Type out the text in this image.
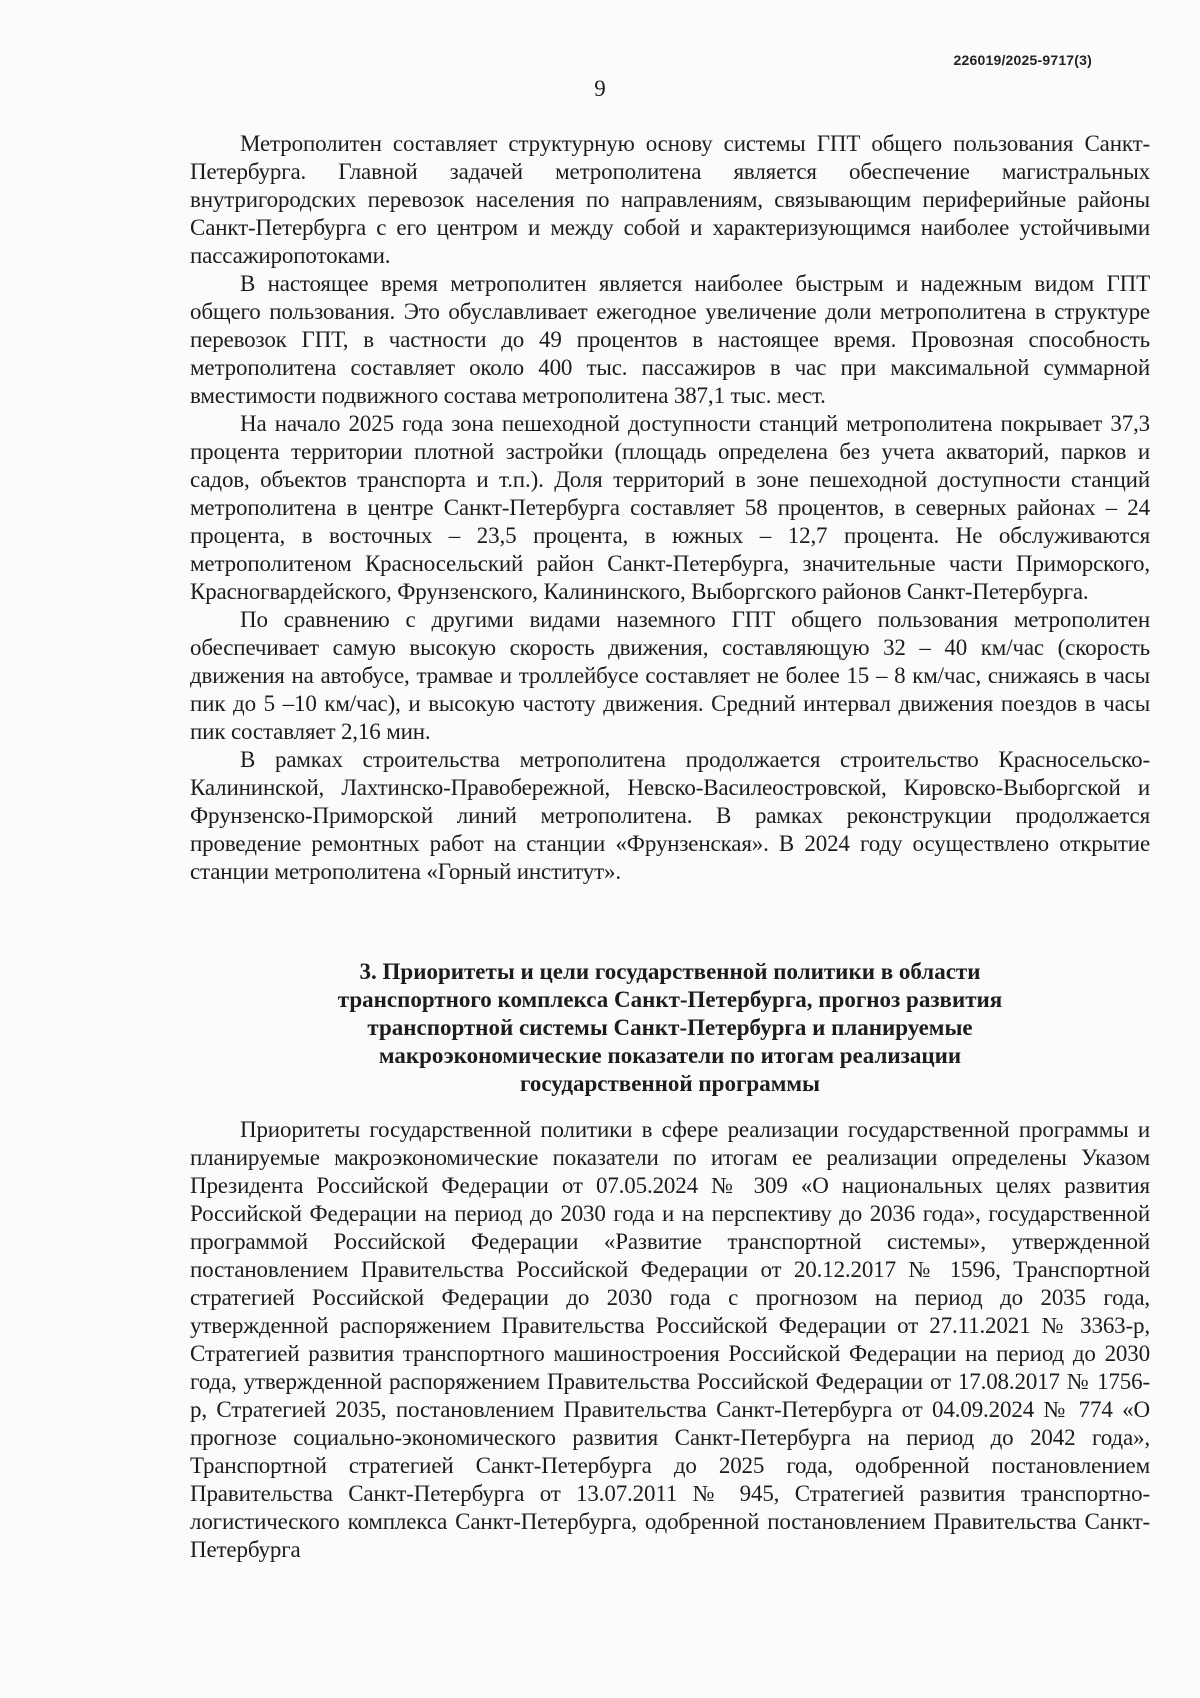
226019/2025-9717(3)
9

Метрополитен составляет структурную основу системы ГПТ общего пользования Санкт-Петербурга. Главной задачей метрополитена является обеспечение магистральных внутригородских перевозок населения по направлениям, связывающим периферийные районы Санкт-Петербурга с его центром и между собой и характеризующимся наиболее устойчивыми пассажиропотоками.

В настоящее время метрополитен является наиболее быстрым и надежным видом ГПТ общего пользования. Это обуславливает ежегодное увеличение доли метрополитена в структуре перевозок ГПТ, в частности до 49 процентов в настоящее время. Провозная способность метрополитена составляет около 400 тыс. пассажиров в час при максимальной суммарной вместимости подвижного состава метрополитена 387,1 тыс. мест.

На начало 2025 года зона пешеходной доступности станций метрополитена покрывает 37,3 процента территории плотной застройки (площадь определена без учета акваторий, парков и садов, объектов транспорта и т.п.). Доля территорий в зоне пешеходной доступности станций метрополитена в центре Санкт-Петербурга составляет 58 процентов, в северных районах – 24 процента, в восточных – 23,5 процента, в южных – 12,7 процента. Не обслуживаются метрополитеном Красносельский район Санкт-Петербурга, значительные части Приморского, Красногвардейского, Фрунзенского, Калининского, Выборгского районов Санкт-Петербурга.

По сравнению с другими видами наземного ГПТ общего пользования метрополитен обеспечивает самую высокую скорость движения, составляющую 32 – 40 км/час (скорость движения на автобусе, трамвае и троллейбусе составляет не более 15 – 8 км/час, снижаясь в часы пик до 5 –10 км/час), и высокую частоту движения. Средний интервал движения поездов в часы пик составляет 2,16 мин.

В рамках строительства метрополитена продолжается строительство Красносельско-Калининской, Лахтинско-Правобережной, Невско-Василеостровской, Кировско-Выборгской и Фрунзенско-Приморской линий метрополитена. В рамках реконструкции продолжается проведение ремонтных работ на станции «Фрунзенская». В 2024 году осуществлено открытие станции метрополитена «Горный институт».

3. Приоритеты и цели государственной политики в области транспортного комплекса Санкт-Петербурга, прогноз развития транспортной системы Санкт-Петербурга и планируемые макроэкономические показатели по итогам реализации государственной программы

Приоритеты государственной политики в сфере реализации государственной программы и планируемые макроэкономические показатели по итогам ее реализации определены Указом Президента Российской Федерации от 07.05.2024 № 309 «О национальных целях развития Российской Федерации на период до 2030 года и на перспективу до 2036 года», государственной программой Российской Федерации «Развитие транспортной системы», утвержденной постановлением Правительства Российской Федерации от 20.12.2017 № 1596, Транспортной стратегией Российской Федерации до 2030 года с прогнозом на период до 2035 года, утвержденной распоряжением Правительства Российской Федерации от 27.11.2021 № 3363-р, Стратегией развития транспортного машиностроения Российской Федерации на период до 2030 года, утвержденной распоряжением Правительства Российской Федерации от 17.08.2017 № 1756-р, Стратегией 2035, постановлением Правительства Санкт-Петербурга от 04.09.2024 № 774 «О прогнозе социально-экономического развития Санкт-Петербурга на период до 2042 года», Транспортной стратегией Санкт-Петербурга до 2025 года, одобренной постановлением Правительства Санкт-Петербурга от 13.07.2011 № 945, Стратегией развития транспортно-логистического комплекса Санкт-Петербурга, одобренной постановлением Правительства Санкт-Петербурга
